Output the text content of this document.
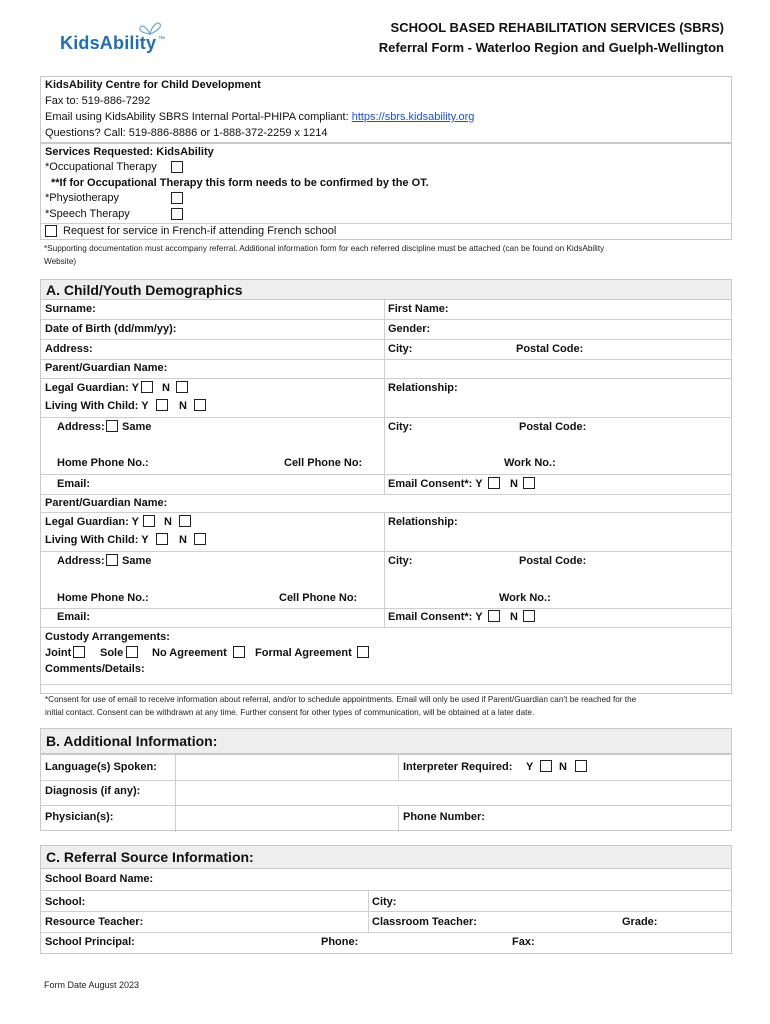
KidsAbility ™
SCHOOL BASED REHABILITATION SERVICES (SBRS)
Referral Form - Waterloo Region and Guelph-Wellington
KidsAbility Centre for Child Development
Fax to: 519-886-7292
Email using KidsAbility SBRS Internal Portal-PHIPA compliant: https://sbrs.kidsability.org
Questions? Call: 519-886-8886 or 1-888-372-2259 x 1214
Services Requested: KidsAbility
*Occupational Therapy
**If for Occupational Therapy this form needs to be confirmed by the OT.
*Physiotherapy
*Speech Therapy
Request for service in French-if attending French school
*Supporting documentation must accompany referral. Additional information form for each referred discipline must be attached (can be found on KidsAbility
Website)
A. Child/Youth Demographics
Surname:	First Name:
Date of Birth (dd/mm/yy):	Gender:
Address:	City:	Postal Code:
Parent/Guardian Name:
Legal Guardian: Y N	Relationship:
Living With Child: Y	N
Address: Same	City:	Postal Code:
Home Phone No.:	Cell Phone No:	Work No.:
Email:	Email Consent*: Y N
Parent/Guardian Name:
Legal Guardian: Y N	Relationship:
Living With Child: Y	N
Address: Same	City:	Postal Code:
Home Phone No.:	Cell Phone No:	Work No.:
Email:	Email Consent*: Y N
Custody Arrangements:
Joint	Sole	No Agreement	Formal Agreement
Comments/Details:
*Consent for use of email to receive information about referral, and/or to schedule appointments. Email will only be used if Parent/Guardian can’t be reached for the
initial contact. Consent can be withdrawn at any time. Further consent for other types of communication, will be obtained at a later date.
B. Additional Information:
Language(s) Spoken:	Interpreter Required: Y N
Diagnosis (if any):
Physician(s):	Phone Number:
C. Referral Source Information:
School Board Name:
School:	City:
Resource Teacher:	Classroom Teacher:	Grade:
School Principal:	Phone:	Fax:
Form Date August 2023
